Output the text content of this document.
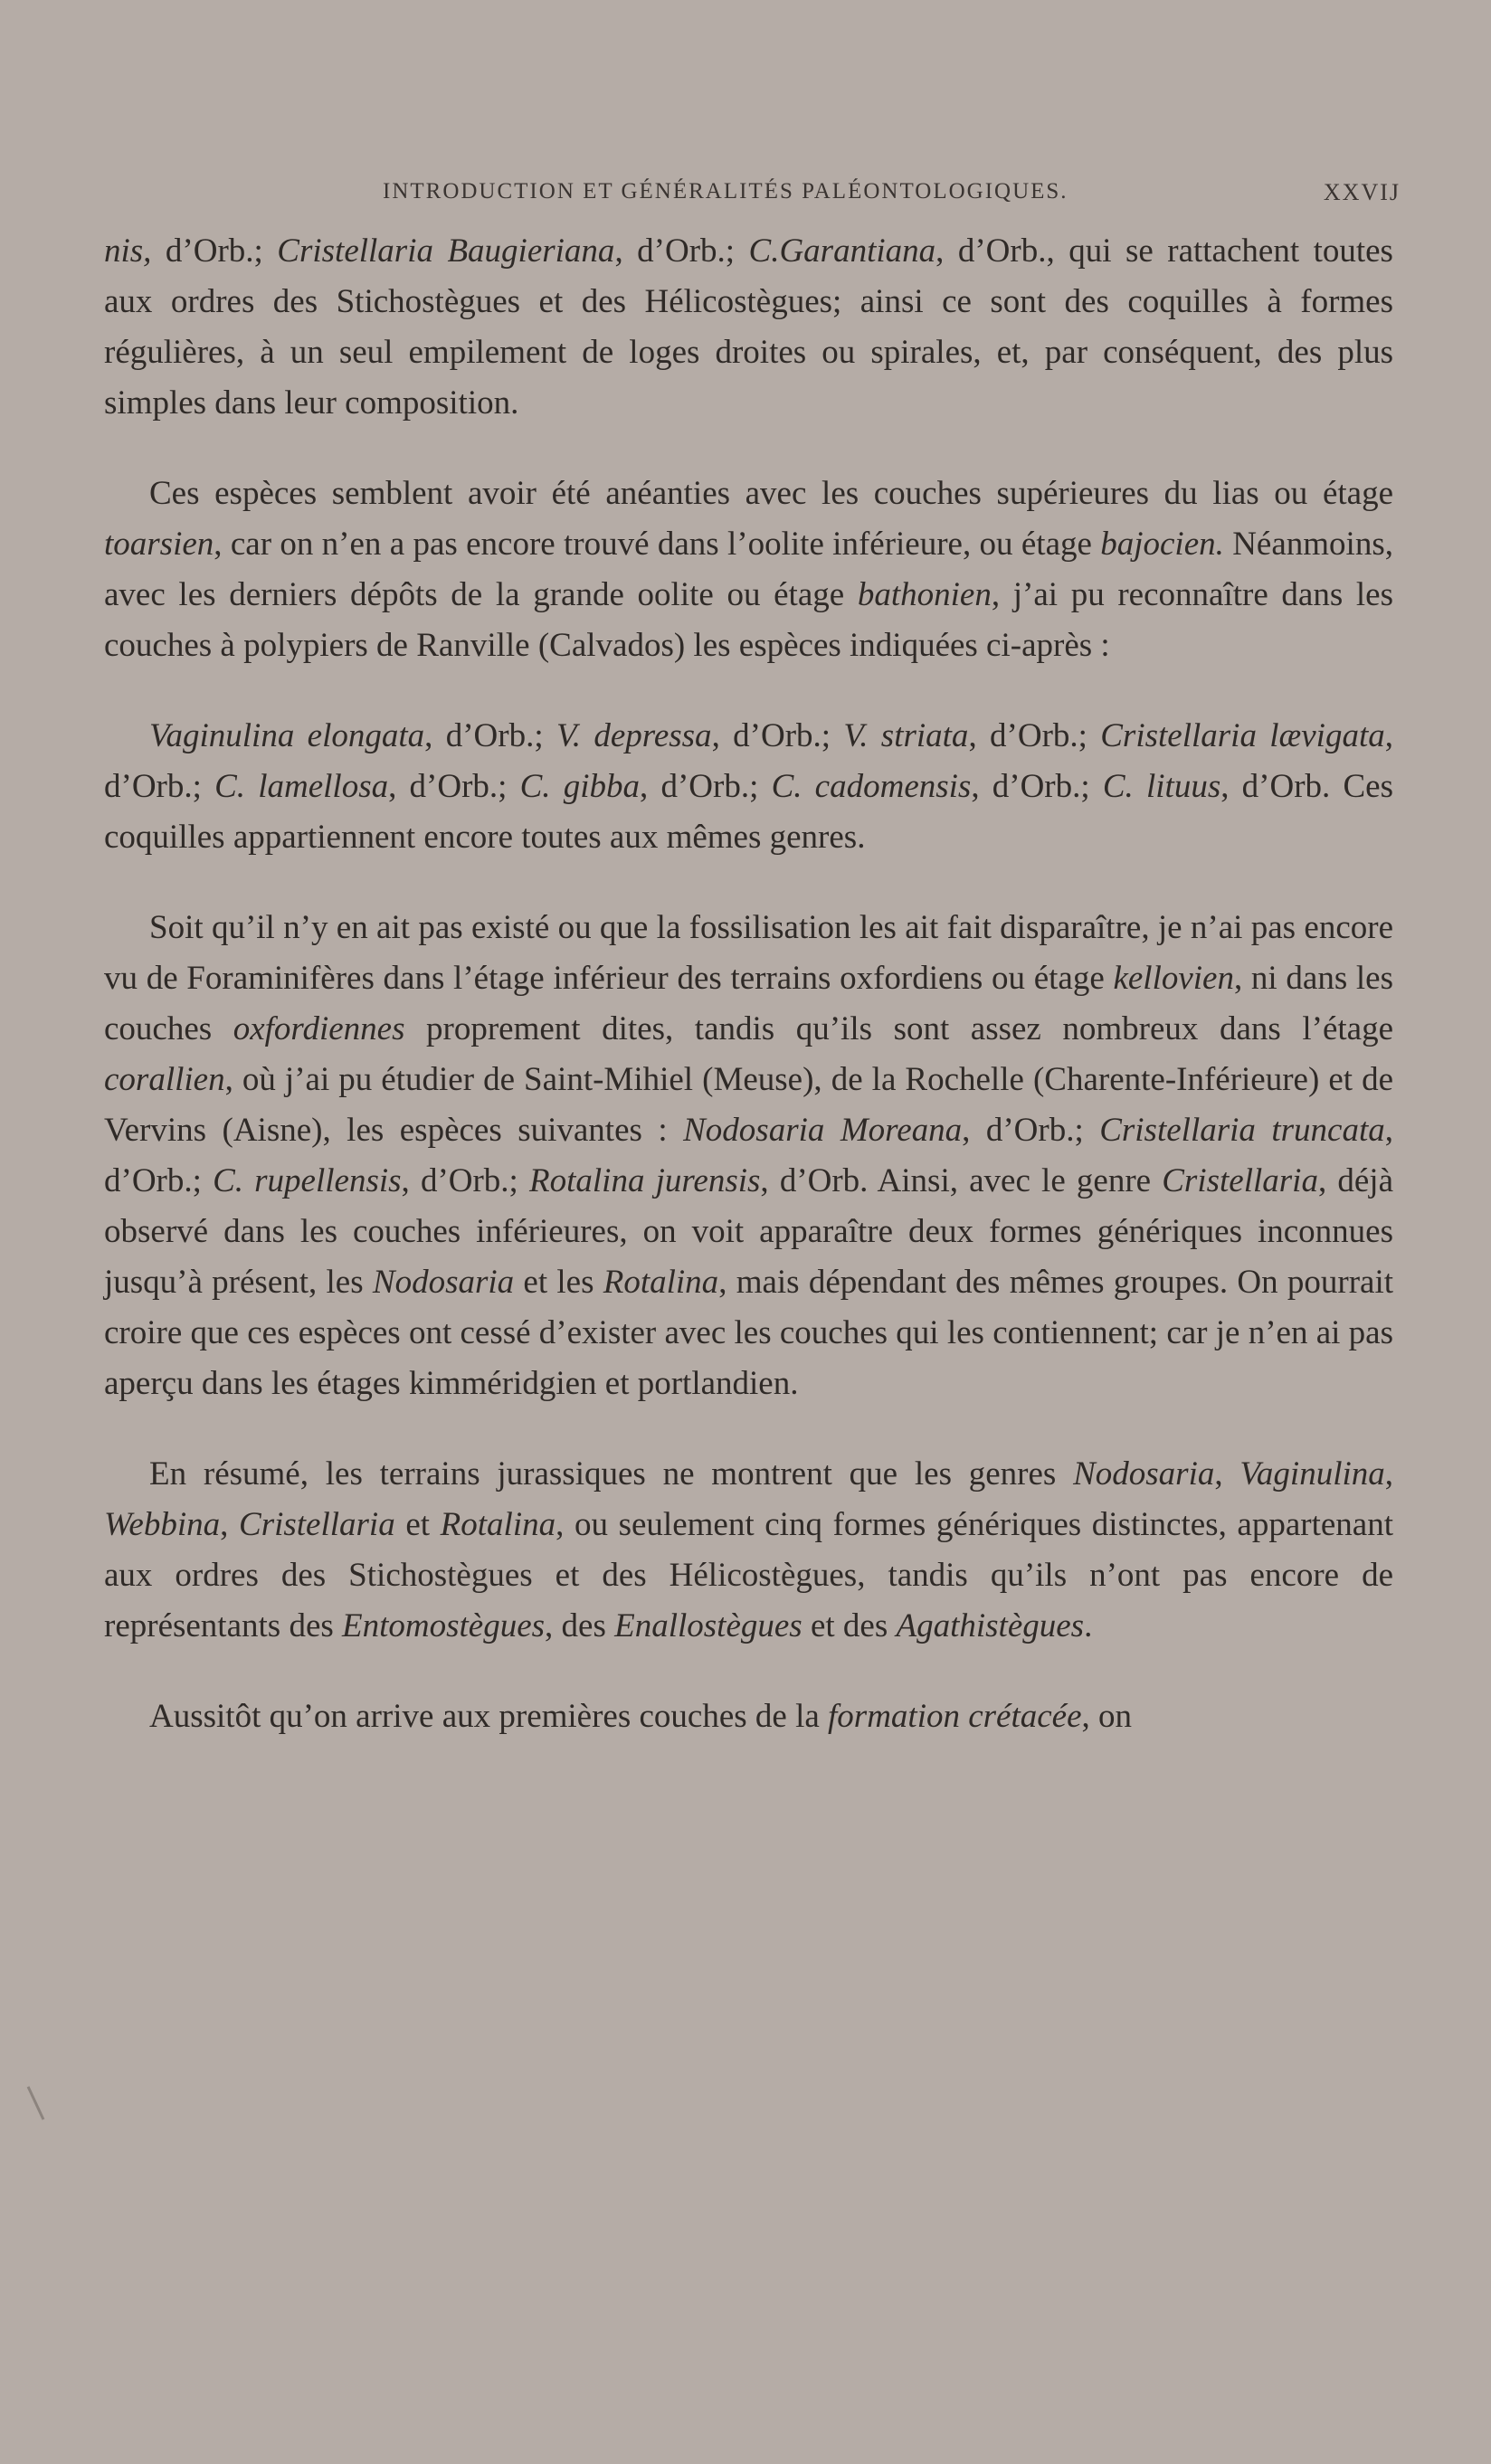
INTRODUCTION ET GÉNÉRALITÉS PALÉONTOLOGIQUES.	XXVIJ

nis, d’Orb.; Cristellaria Baugieriana, d’Orb.; C.Garantiana, d’Orb., qui se rattachent toutes aux ordres des Stichostègues et des Hélicostègues; ainsi ce sont des coquilles à formes régulières, à un seul empilement de loges droites ou spirales, et, par conséquent, des plus simples dans leur composition.

Ces espèces semblent avoir été anéanties avec les couches supérieures du lias ou étage toarsien, car on n’en a pas encore trouvé dans l’oolite inférieure, ou étage bajocien. Néanmoins, avec les derniers dépôts de la grande oolite ou étage bathonien, j’ai pu reconnaître dans les couches à polypiers de Ranville (Calvados) les espèces indiquées ci-après :

Vaginulina elongata, d’Orb.; V. depressa, d’Orb.; V. striata, d’Orb.; Cristellaria lævigata, d’Orb.; C. lamellosa, d’Orb.; C. gibba, d’Orb.; C. cadomensis, d’Orb.; C. lituus, d’Orb. Ces coquilles appartiennent encore toutes aux mêmes genres.

Soit qu’il n’y en ait pas existé ou que la fossilisation les ait fait disparaître, je n’ai pas encore vu de Foraminifères dans l’étage inférieur des terrains oxfordiens ou étage kellovien, ni dans les couches oxfordiennes proprement dites, tandis qu’ils sont assez nombreux dans l’étage corallien, où j’ai pu étudier de Saint-Mihiel (Meuse), de la Rochelle (Charente-Inférieure) et de Vervins (Aisne), les espèces suivantes : Nodosaria Moreana, d’Orb.; Cristellaria truncata, d’Orb.; C. rupellensis, d’Orb.; Rotalina jurensis, d’Orb. Ainsi, avec le genre Cristellaria, déjà observé dans les couches inférieures, on voit apparaître deux formes génériques inconnues jusqu’à présent, les Nodosaria et les Rotalina, mais dépendant des mêmes groupes. On pourrait croire que ces espèces ont cessé d’exister avec les couches qui les contiennent; car je n’en ai pas aperçu dans les étages kimméridgien et portlandien.

En résumé, les terrains jurassiques ne montrent que les genres Nodosaria, Vaginulina, Webbina, Cristellaria et Rotalina, ou seulement cinq formes génériques distinctes, appartenant aux ordres des Stichostègues et des Hélicostègues, tandis qu’ils n’ont pas encore de représentants des Entomostègues, des Enallostègues et des Agathistègues.

Aussitôt qu’on arrive aux premières couches de la formation crétacée, on
